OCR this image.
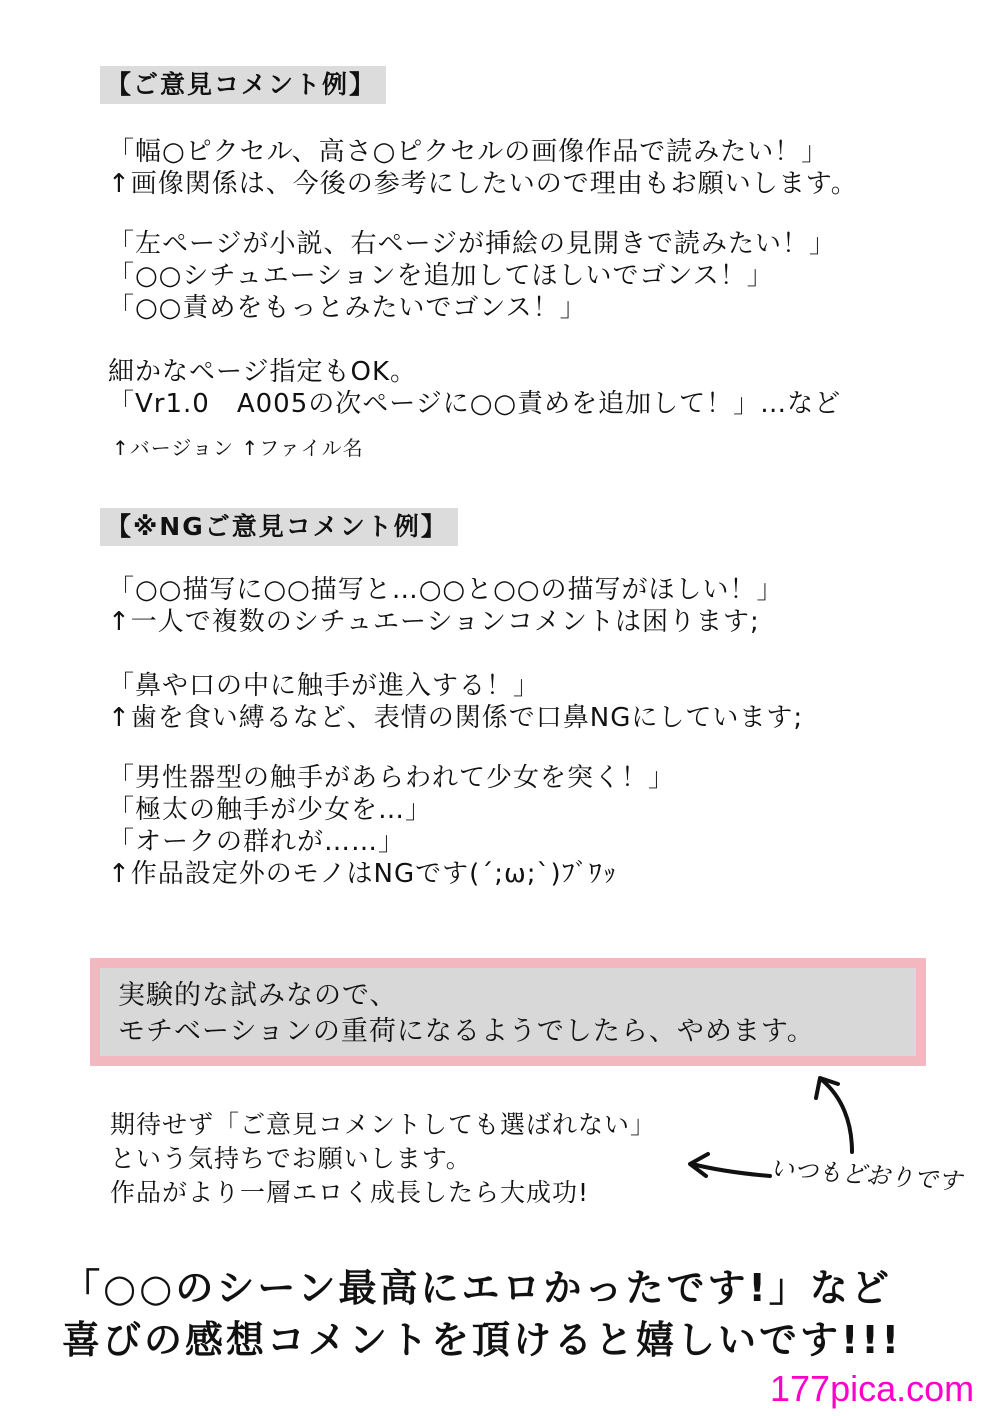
【ご意見コメント例】
「幅○ピクセル、高さ○ピクセルの画像作品で読みたい！」
↑画像関係は、今後の参考にしたいので理由もお願いします。
「左ページが小説、右ページが挿絵の見開きで読みたい！」
「○○シチュエーションを追加してほしいでゴンス！」
「○○責めをもっとみたいでゴンス！」
細かなページ指定もOK。
「Vr1.0　A005の次ページに○○責めを追加して！」…など
↑バージョン ↑ファイル名
【※NGご意見コメント例】
「○○描写に○○描写と…○○と○○の描写がほしい！」
↑一人で複数のシチュエーションコメントは困ります;
「鼻や口の中に触手が進入する！」
↑歯を食い縛るなど、表情の関係で口鼻NGにしています;
「男性器型の触手があらわれて少女を突く！」
「極太の触手が少女を…」
「オークの群れが……」
↑作品設定外のモノはNGです(´;ω;`)ﾌﾞﾜｯ
実験的な試みなので、
モチベーションの重荷になるようでしたら、やめます。
期待せず「ご意見コメントしても選ばれない」
という気持ちでお願いします。
作品がより一層エロく成長したら大成功!	いつもどおりです
「○○のシーン最高にエロかったです!」など
喜びの感想コメントを頂けると嬉しいです!!!
177pica.com
